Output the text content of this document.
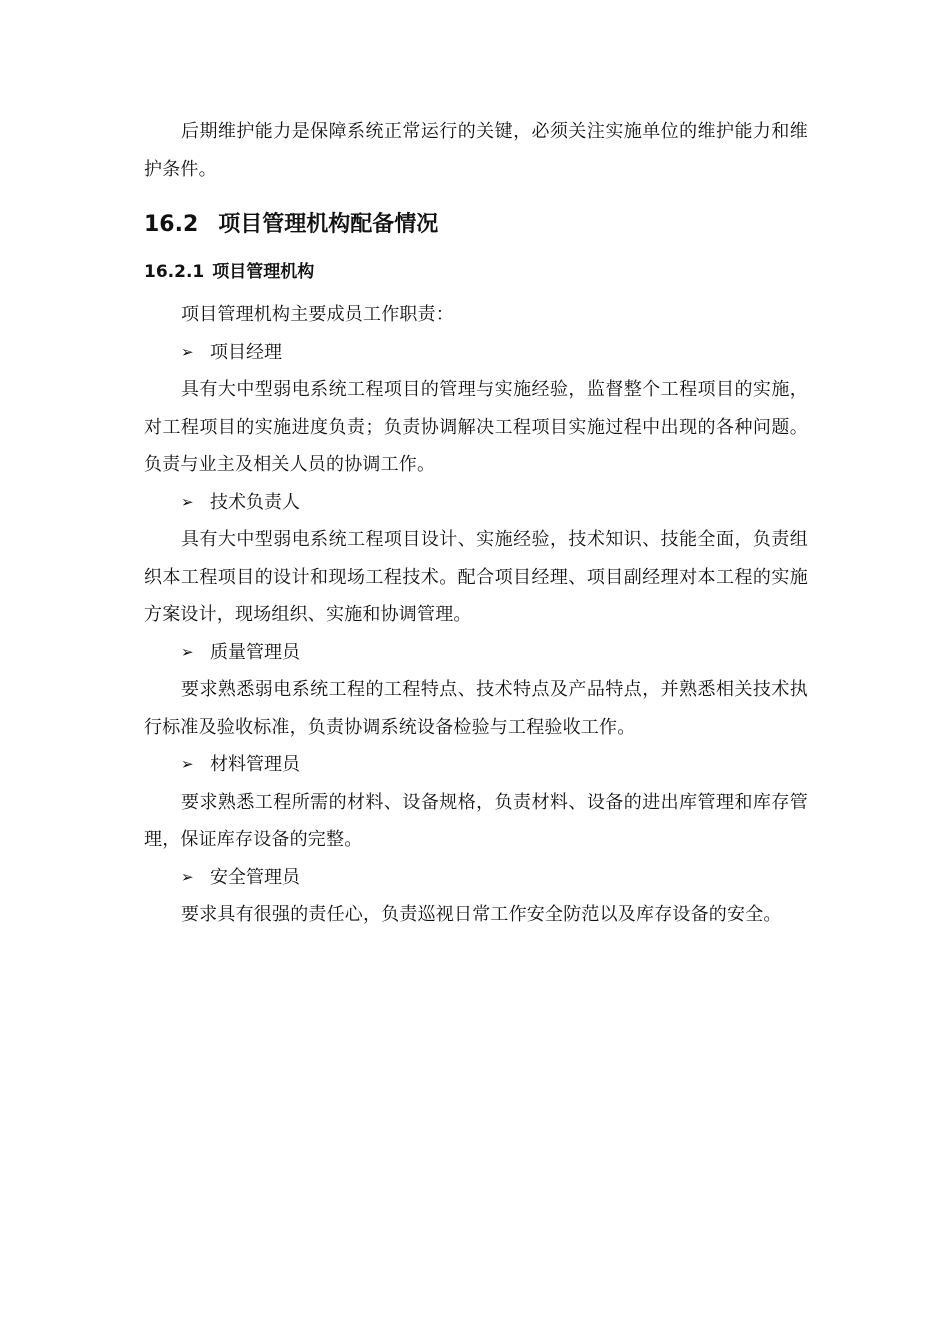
后期维护能力是保障系统正常运行的关键，必须关注实施单位的维护能力和维护条件。

16.2 项目管理机构配备情况
16.2.1 项目管理机构

项目管理机构主要成员工作职责：

➢ 项目经理

具有大中型弱电系统工程项目的管理与实施经验，监督整个工程项目的实施，对工程项目的实施进度负责；负责协调解决工程项目实施过程中出现的各种问题。负责与业主及相关人员的协调工作。

➢ 技术负责人

具有大中型弱电系统工程项目设计、实施经验，技术知识、技能全面，负责组织本工程项目的设计和现场工程技术。配合项目经理、项目副经理对本工程的实施方案设计，现场组织、实施和协调管理。

➢ 质量管理员

要求熟悉弱电系统工程的工程特点、技术特点及产品特点，并熟悉相关技术执行标准及验收标准，负责协调系统设备检验与工程验收工作。

➢ 材料管理员

要求熟悉工程所需的材料、设备规格，负责材料、设备的进出库管理和库存管理，保证库存设备的完整。

➢ 安全管理员

要求具有很强的责任心，负责巡视日常工作安全防范以及库存设备的安全。
